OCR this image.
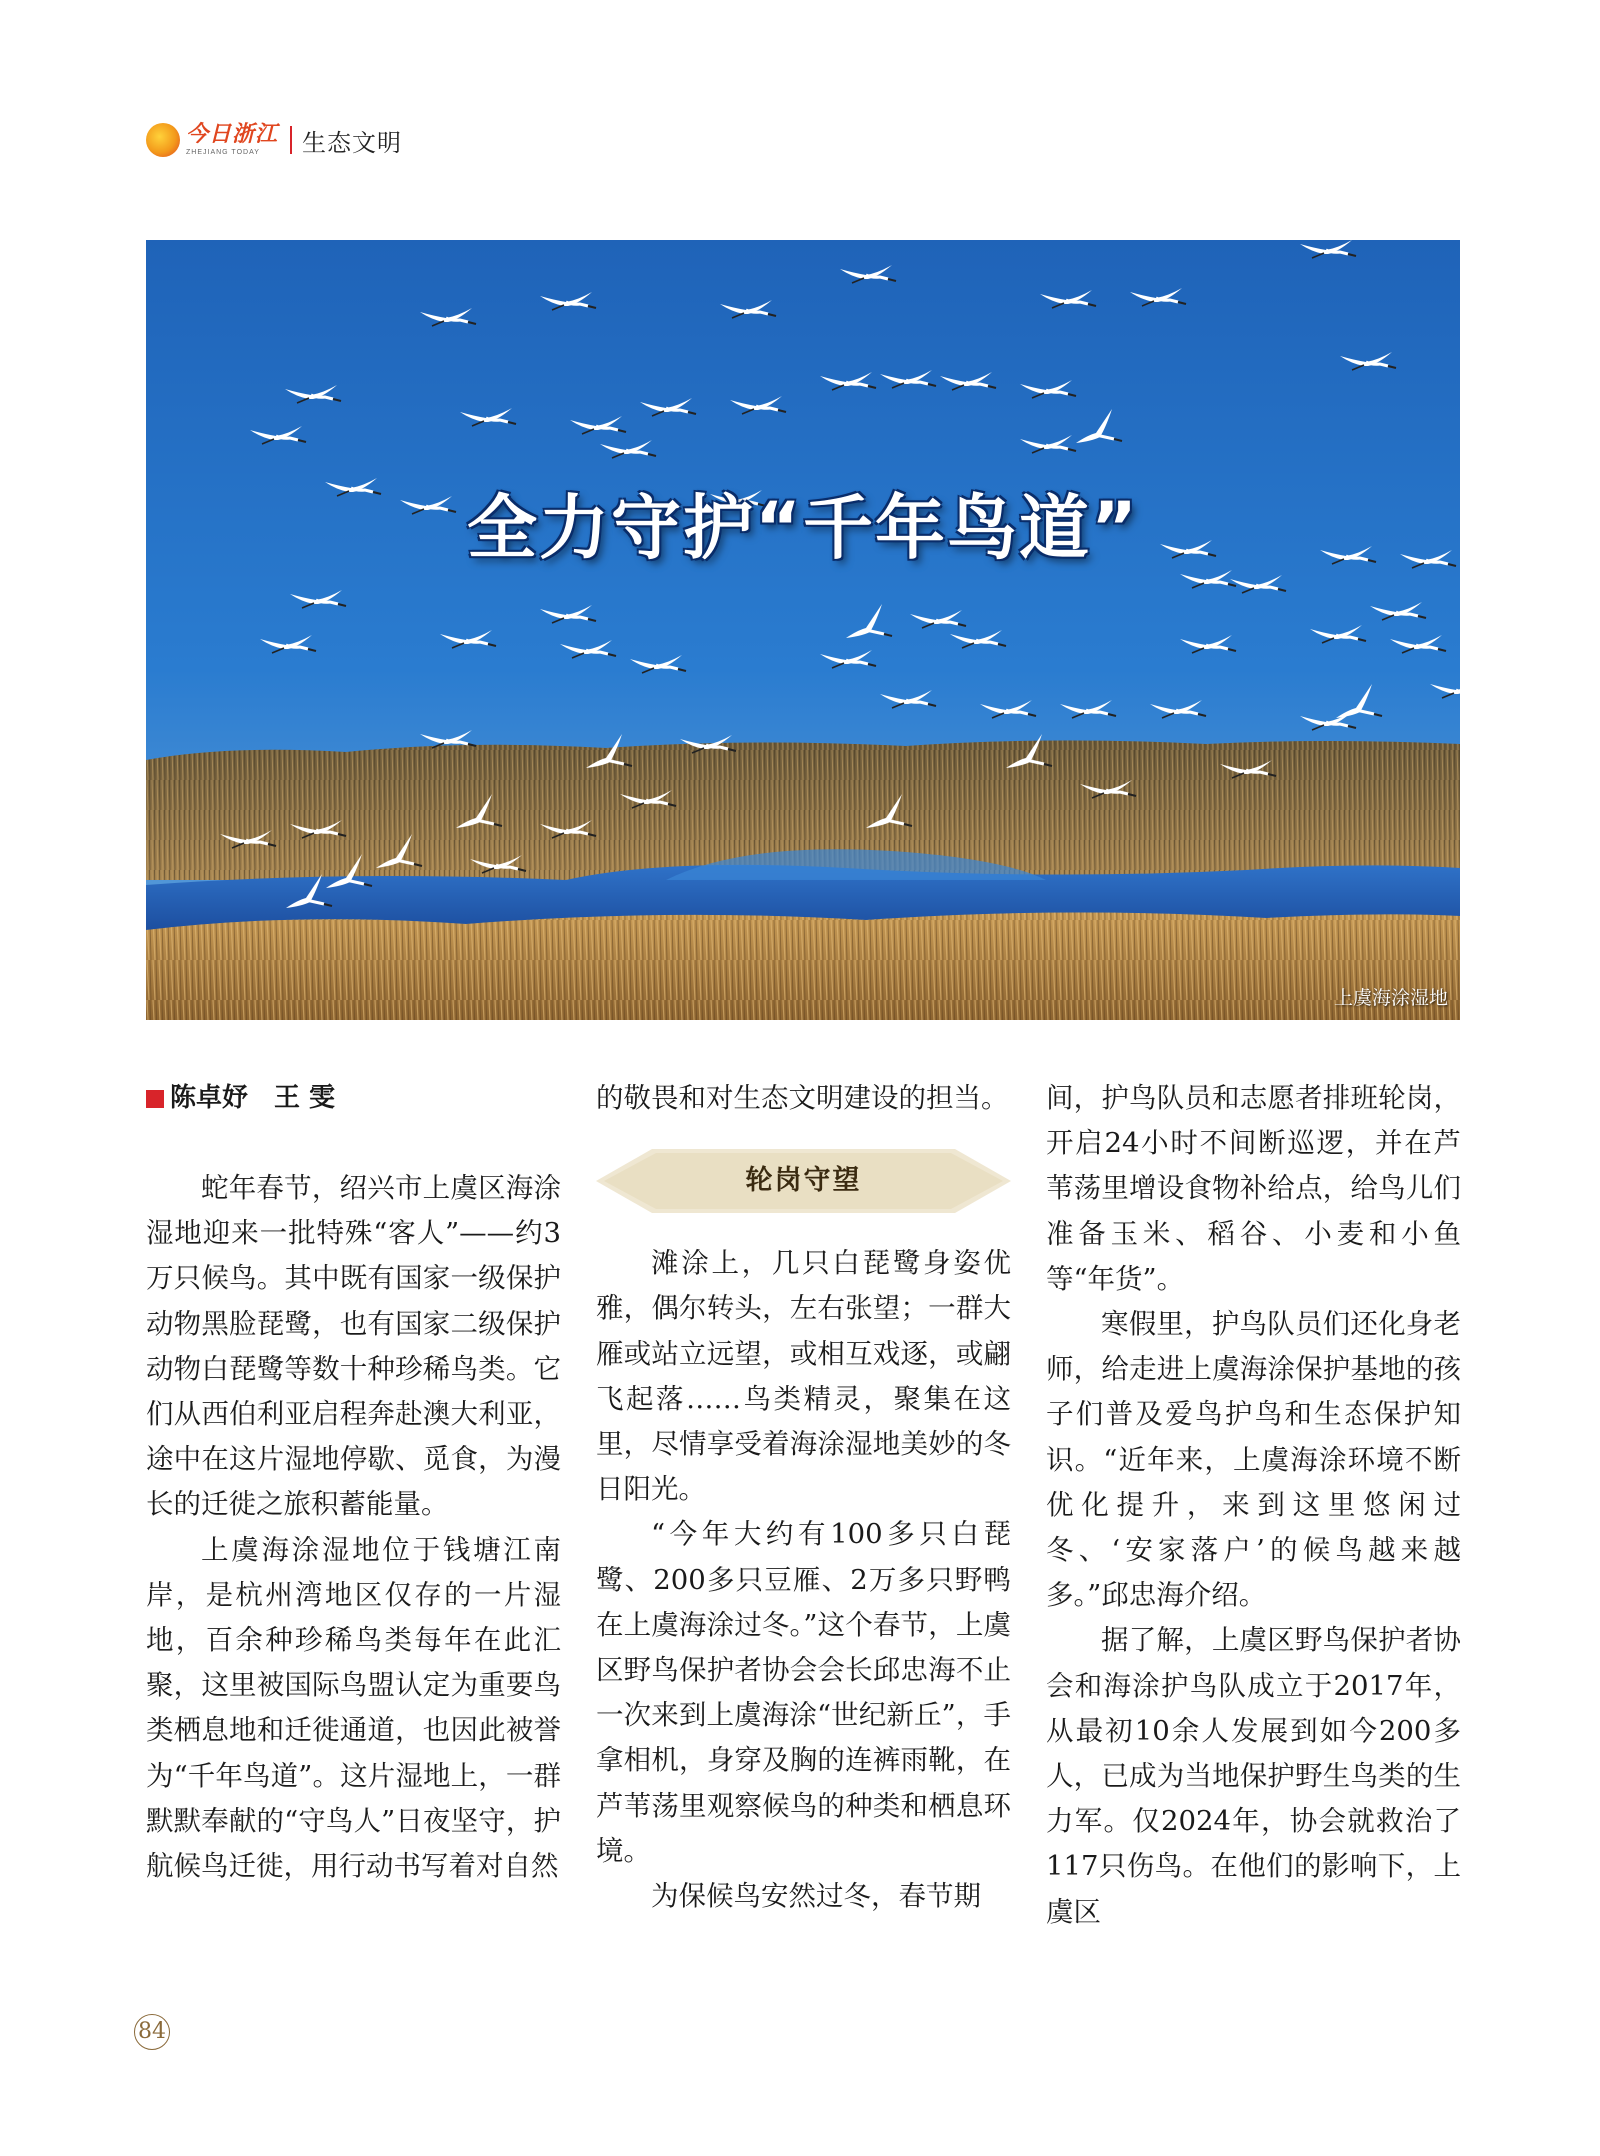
今日浙江
ZHEJIANG TODAY	生态文明
全力守护“千年鸟道”
上虞海涂湿地
陈卓妤　王 雯

蛇年春节，绍兴市上虞区海涂湿地迎来一批特殊“客人”——约3万只候鸟。其中既有国家一级保护动物黑脸琵鹭，也有国家二级保护动物白琵鹭等数十种珍稀鸟类。它们从西伯利亚启程奔赴澳大利亚，途中在这片湿地停歇、觅食，为漫长的迁徙之旅积蓄能量。

上虞海涂湿地位于钱塘江南岸，是杭州湾地区仅存的一片湿地，百余种珍稀鸟类每年在此汇聚，这里被国际鸟盟认定为重要鸟类栖息地和迁徙通道，也因此被誉为“千年鸟道”。这片湿地上，一群默默奉献的“守鸟人”日夜坚守，护航候鸟迁徙，用行动书写着对自然

的敬畏和对生态文明建设的担当。

轮岗守望

滩涂上，几只白琵鹭身姿优雅，偶尔转头，左右张望；一群大雁或站立远望，或相互戏逐，或翩飞起落……鸟类精灵，聚集在这里，尽情享受着海涂湿地美妙的冬日阳光。

“今年大约有100多只白琵鹭、200多只豆雁、2万多只野鸭在上虞海涂过冬。”这个春节，上虞区野鸟保护者协会会长邱忠海不止一次来到上虞海涂“世纪新丘”，手拿相机，身穿及胸的连裤雨靴，在芦苇荡里观察候鸟的种类和栖息环境。

为保候鸟安然过冬，春节期

间，护鸟队员和志愿者排班轮岗，开启24小时不间断巡逻，并在芦苇荡里增设食物补给点，给鸟儿们准备玉米、稻谷、小麦和小鱼等“年货”。

寒假里，护鸟队员们还化身老师，给走进上虞海涂保护基地的孩子们普及爱鸟护鸟和生态保护知识。“近年来，上虞海涂环境不断优化提升，来到这里悠闲过冬、‘安家落户’的候鸟越来越多。”邱忠海介绍。

据了解，上虞区野鸟保护者协会和海涂护鸟队成立于2017年，从最初10余人发展到如今200多人，已成为当地保护野生鸟类的生力军。仅2024年，协会就救治了117只伤鸟。在他们的影响下，上虞区

84
